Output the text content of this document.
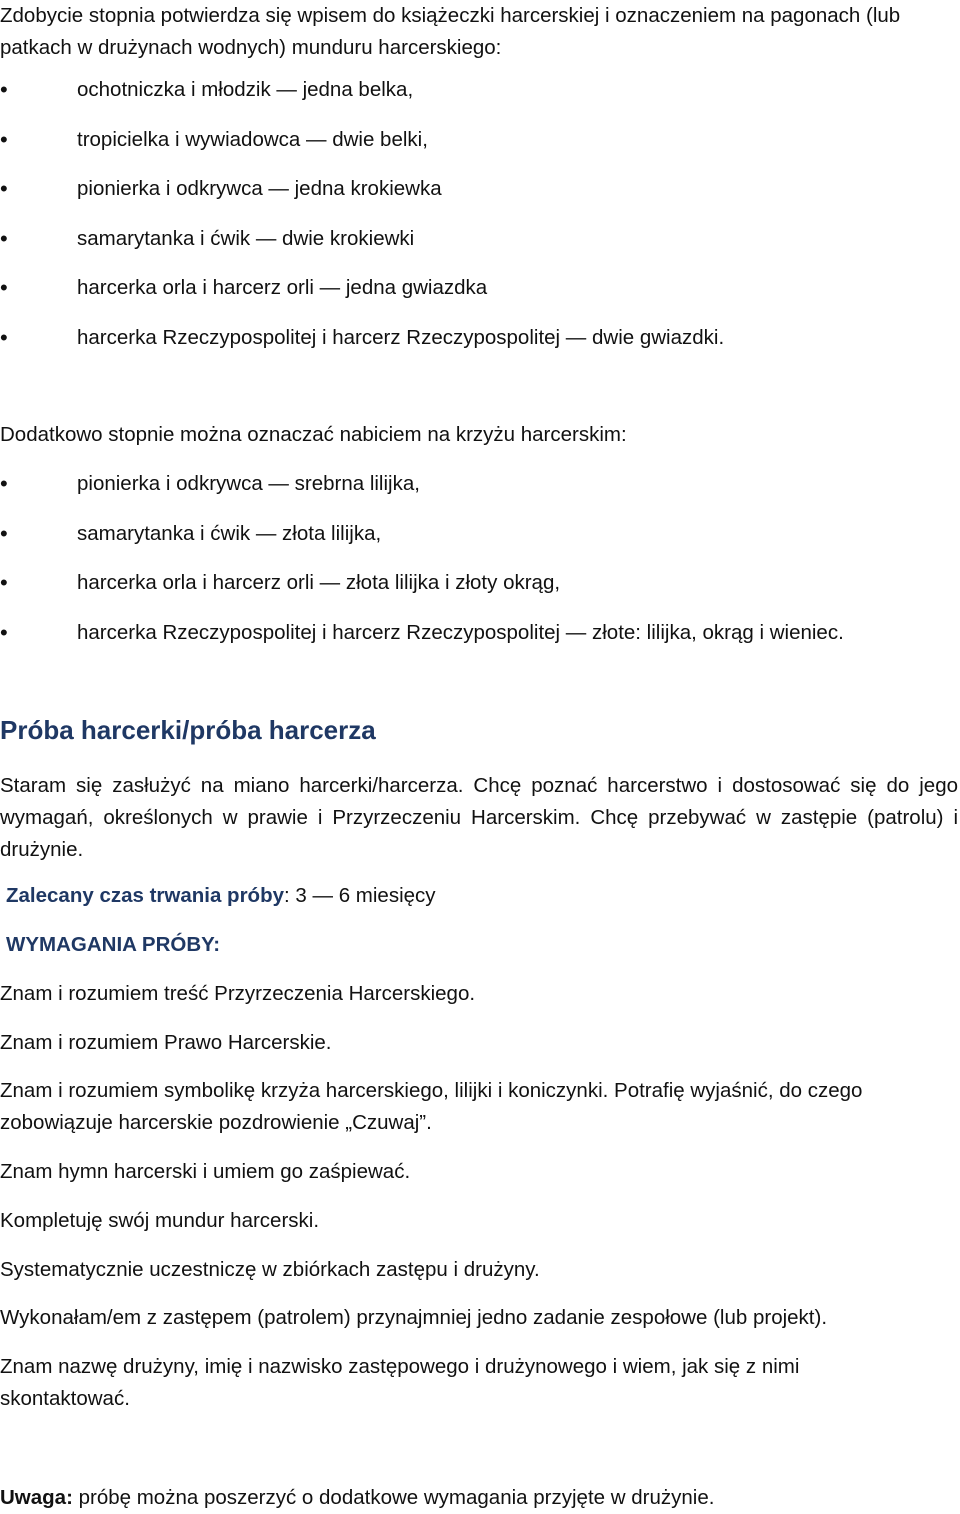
Zdobycie stopnia potwierdza się wpisem do książeczki harcerskiej i oznaczeniem na pagonach (lub patkach w drużynach wodnych) munduru harcerskiego:
•	ochotniczka i młodzik — jedna belka,
•	tropicielka i wywiadowca — dwie belki,
•	pionierka i odkrywca — jedna krokiewka
•	samarytanka i ćwik — dwie krokiewki
•	harcerka orla i harcerz orli — jedna gwiazdka
•	harcerka Rzeczypospolitej i harcerz Rzeczypospolitej — dwie gwiazdki.
Dodatkowo stopnie można oznaczać nabiciem na krzyżu harcerskim:
•	pionierka i odkrywca — srebrna lilijka,
•	samarytanka i ćwik — złota lilijka,
•	harcerka orla i harcerz orli — złota lilijka i złoty okrąg,
•	harcerka Rzeczypospolitej i harcerz Rzeczypospolitej — złote: lilijka, okrąg i wieniec.
Próba harcerki/próba harcerza
Staram się zasłużyć na miano harcerki/harcerza. Chcę poznać harcerstwo i dostosować się do jego wymagań, określonych w prawie i Przyrzeczeniu Harcerskim. Chcę przebywać w zastępie (patrolu) i drużynie.
Zalecany czas trwania próby: 3 — 6 miesięcy
WYMAGANIA PRÓBY:
Znam i rozumiem treść Przyrzeczenia Harcerskiego.
Znam i rozumiem Prawo Harcerskie.
Znam i rozumiem symbolikę krzyża harcerskiego, lilijki i koniczynki. Potrafię wyjaśnić, do czego zobowiązuje harcerskie pozdrowienie „Czuwaj”.
Znam hymn harcerski i umiem go zaśpiewać.
Kompletuję swój mundur harcerski.
Systematycznie uczestniczę w zbiórkach zastępu i drużyny.
Wykonałam/em z zastępem (patrolem) przynajmniej jedno zadanie zespołowe (lub projekt).
Znam nazwę drużyny, imię i nazwisko zastępowego i drużynowego i wiem, jak się z nimi skontaktować.
Uwaga: próbę można poszerzyć o dodatkowe wymagania przyjęte w drużynie.
